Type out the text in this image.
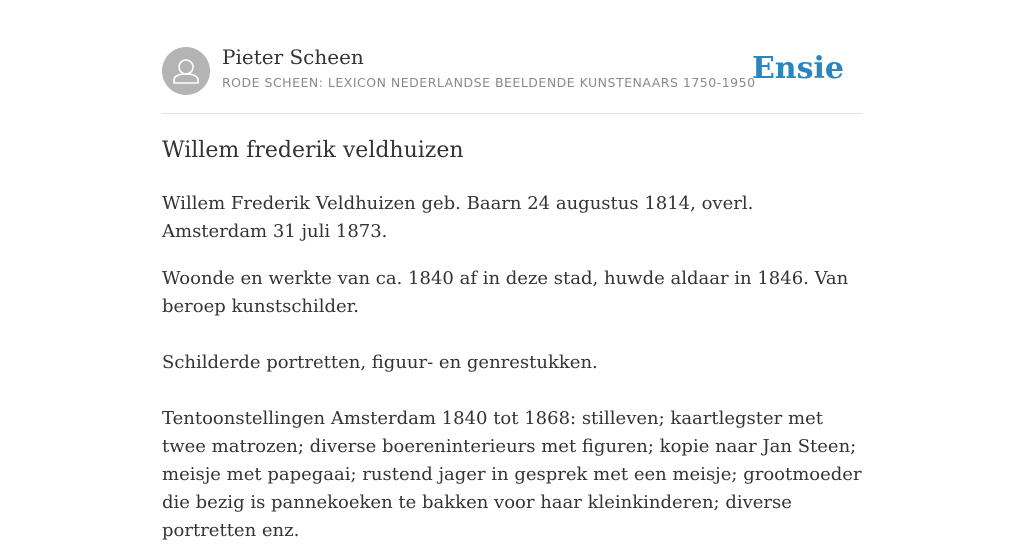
Pieter Scheen
RODE SCHEEN: LEXICON NEDERLANDSE BEELDENDE KUNSTENAARS 1750-1950
Ensie
Willem frederik veldhuizen

Willem Frederik Veldhuizen geb. Baarn 24 augustus 1814, overl. Amsterdam 31 juli 1873.

Woonde en werkte van ca. 1840 af in deze stad, huwde aldaar in 1846. Van beroep kunstschilder.

Schilderde portretten, figuur- en genrestukken.

Tentoonstellingen Amsterdam 1840 tot 1868: stilleven; kaartlegster met twee matrozen; diverse boereninterieurs met figuren; kopie naar Jan Steen; meisje met papegaai; rustend jager in gesprek met een meisje; grootmoeder die bezig is pannekoeken te bakken voor haar kleinkinderen; diverse portretten enz.
